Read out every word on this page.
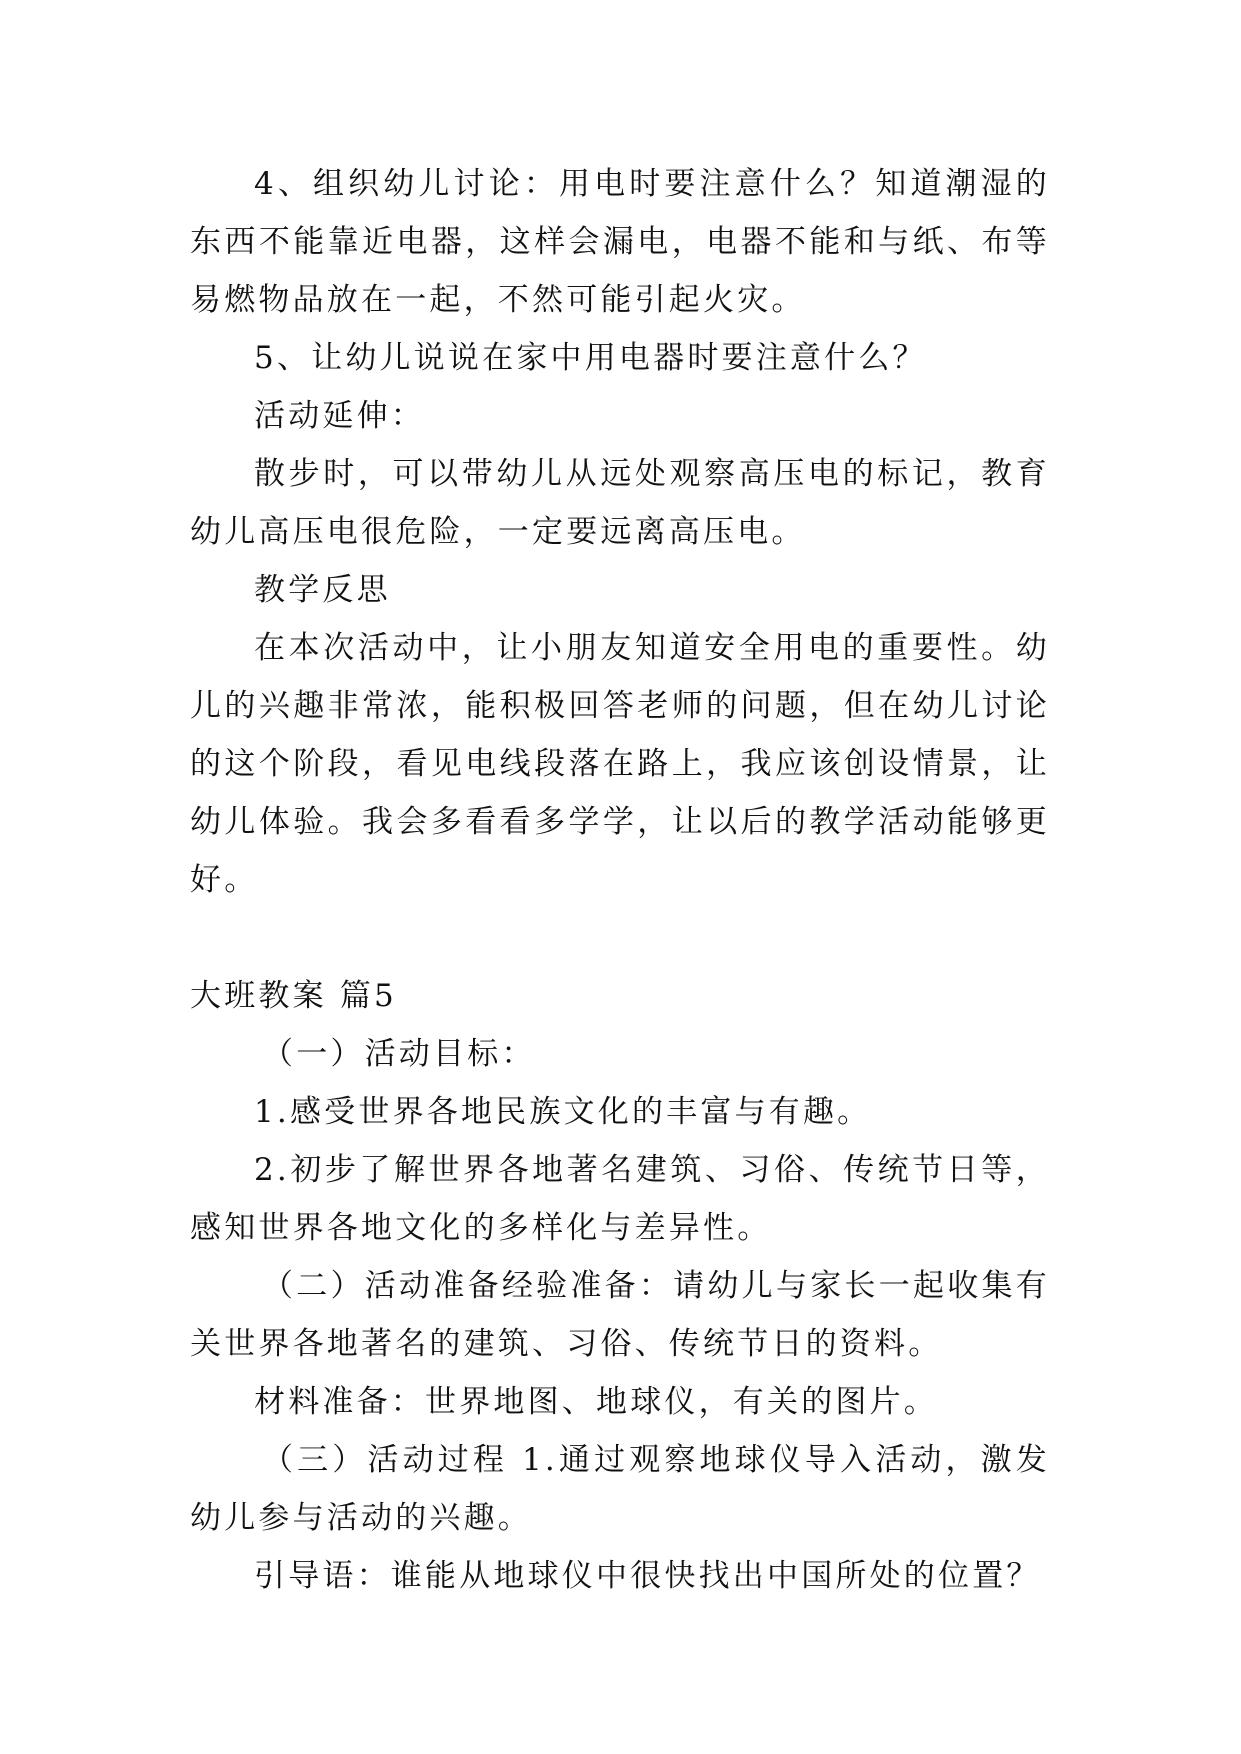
4、组织幼儿讨论：用电时要注意什么？知道潮湿的东西不能靠近电器，这样会漏电，电器不能和与纸、布等易燃物品放在一起，不然可能引起火灾。

5、让幼儿说说在家中用电器时要注意什么？

活动延伸：

散步时，可以带幼儿从远处观察高压电的标记，教育幼儿高压电很危险，一定要远离高压电。

教学反思

在本次活动中，让小朋友知道安全用电的重要性。幼儿的兴趣非常浓，能积极回答老师的问题，但在幼儿讨论的这个阶段，看见电线段落在路上，我应该创设情景，让幼儿体验。我会多看看多学学，让以后的教学活动能够更好。

大班教案 篇5

（一）活动目标：

1.感受世界各地民族文化的丰富与有趣。

2.初步了解世界各地著名建筑、习俗、传统节日等，感知世界各地文化的多样化与差异性。

（二）活动准备经验准备：请幼儿与家长一起收集有关世界各地著名的建筑、习俗、传统节日的资料。

材料准备：世界地图、地球仪，有关的图片。

（三）活动过程 1.通过观察地球仪导入活动，激发幼儿参与活动的兴趣。

引导语：谁能从地球仪中很快找出中国所处的位置？
